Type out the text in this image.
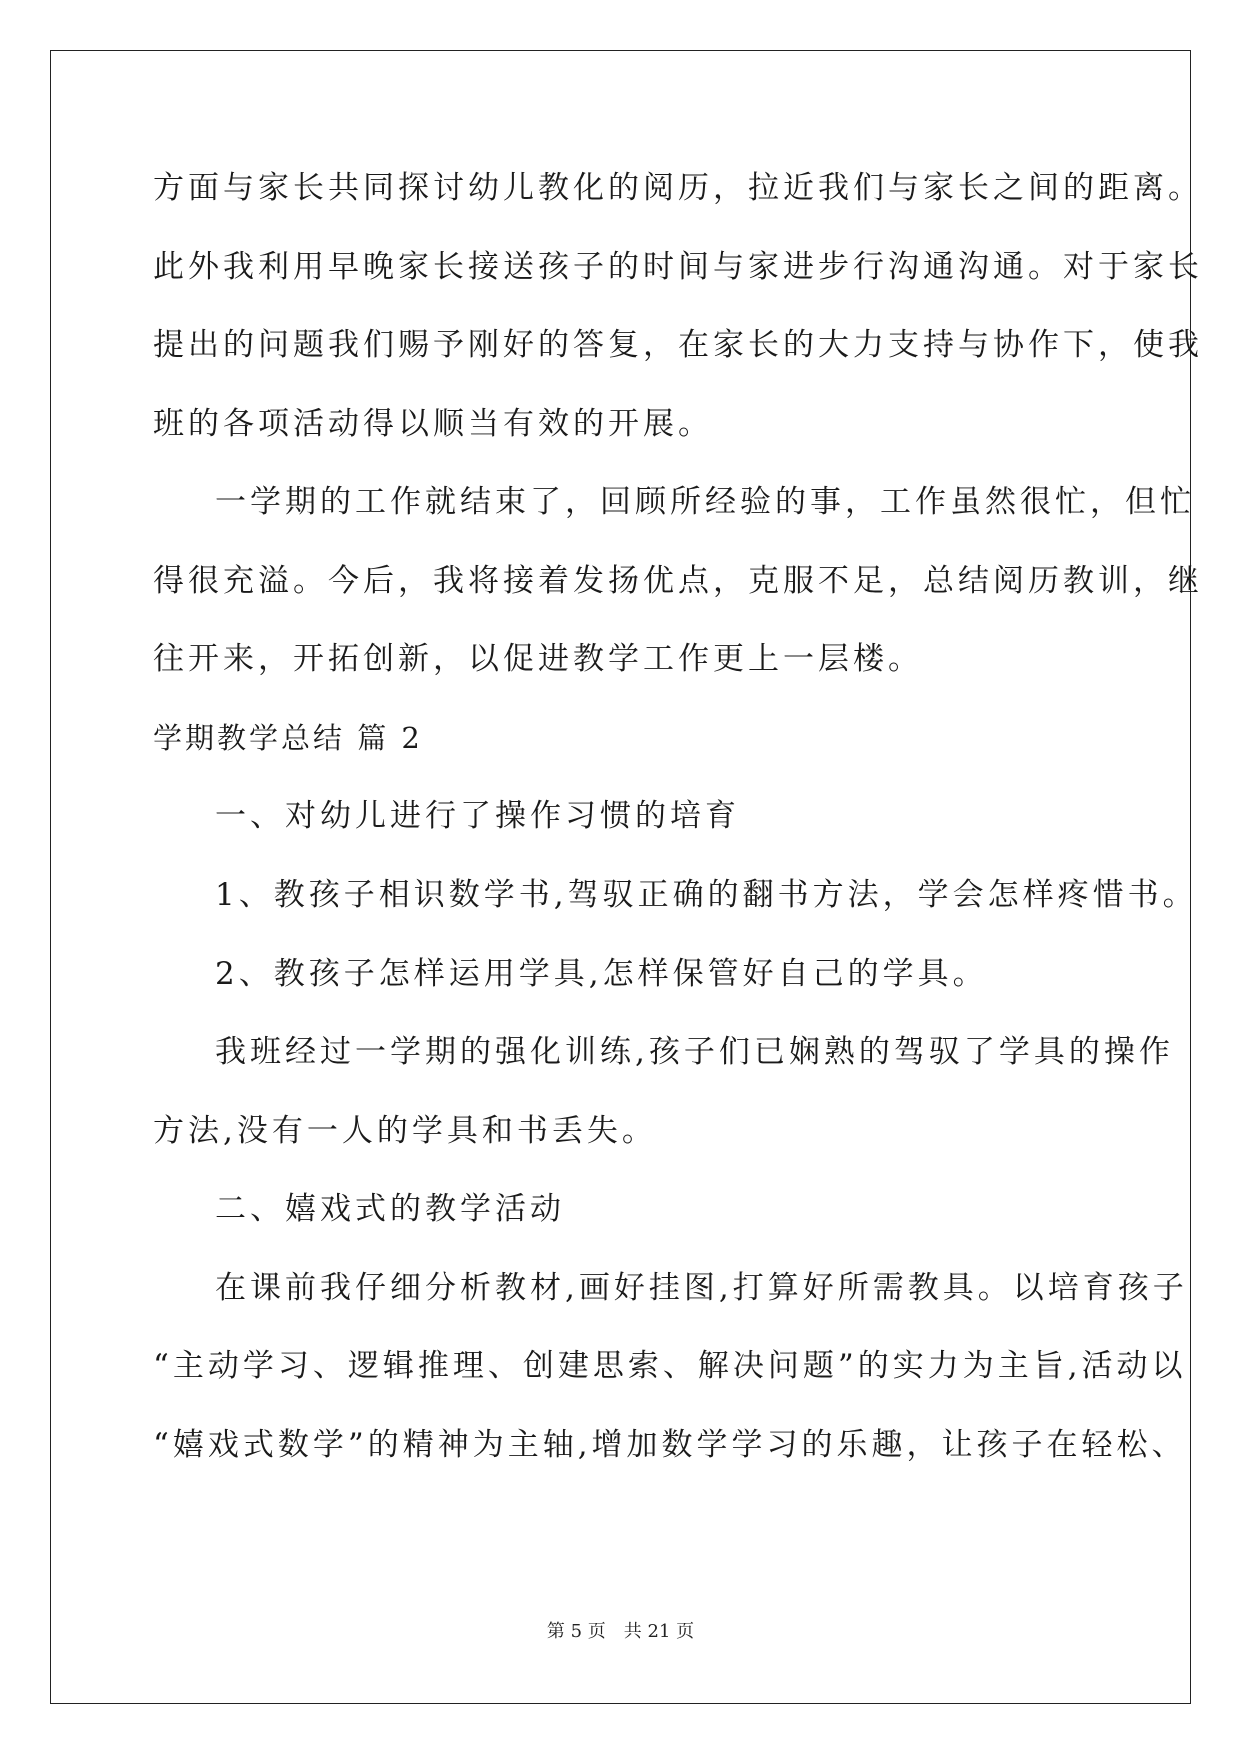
方面与家长共同探讨幼儿教化的阅历，拉近我们与家长之间的距离。
此外我利用早晚家长接送孩子的时间与家进步行沟通沟通。对于家长
提出的问题我们赐予刚好的答复，在家长的大力支持与协作下，使我
班的各项活动得以顺当有效的开展。
一学期的工作就结束了，回顾所经验的事，工作虽然很忙，但忙
得很充溢。今后，我将接着发扬优点，克服不足，总结阅历教训，继
往开来，开拓创新，以促进教学工作更上一层楼。
学期教学总结 篇 2
一、对幼儿进行了操作习惯的培育
1、教孩子相识数学书,驾驭正确的翻书方法，学会怎样疼惜书。
2、教孩子怎样运用学具,怎样保管好自己的学具。
我班经过一学期的强化训练,孩子们已娴熟的驾驭了学具的操作
方法,没有一人的学具和书丢失。
二、嬉戏式的教学活动
在课前我仔细分析教材,画好挂图,打算好所需教具。以培育孩子
“主动学习、逻辑推理、创建思索、解决问题”的实力为主旨,活动以
“嬉戏式数学”的精神为主轴,增加数学学习的乐趣，让孩子在轻松、
第 5 页 共 21 页
